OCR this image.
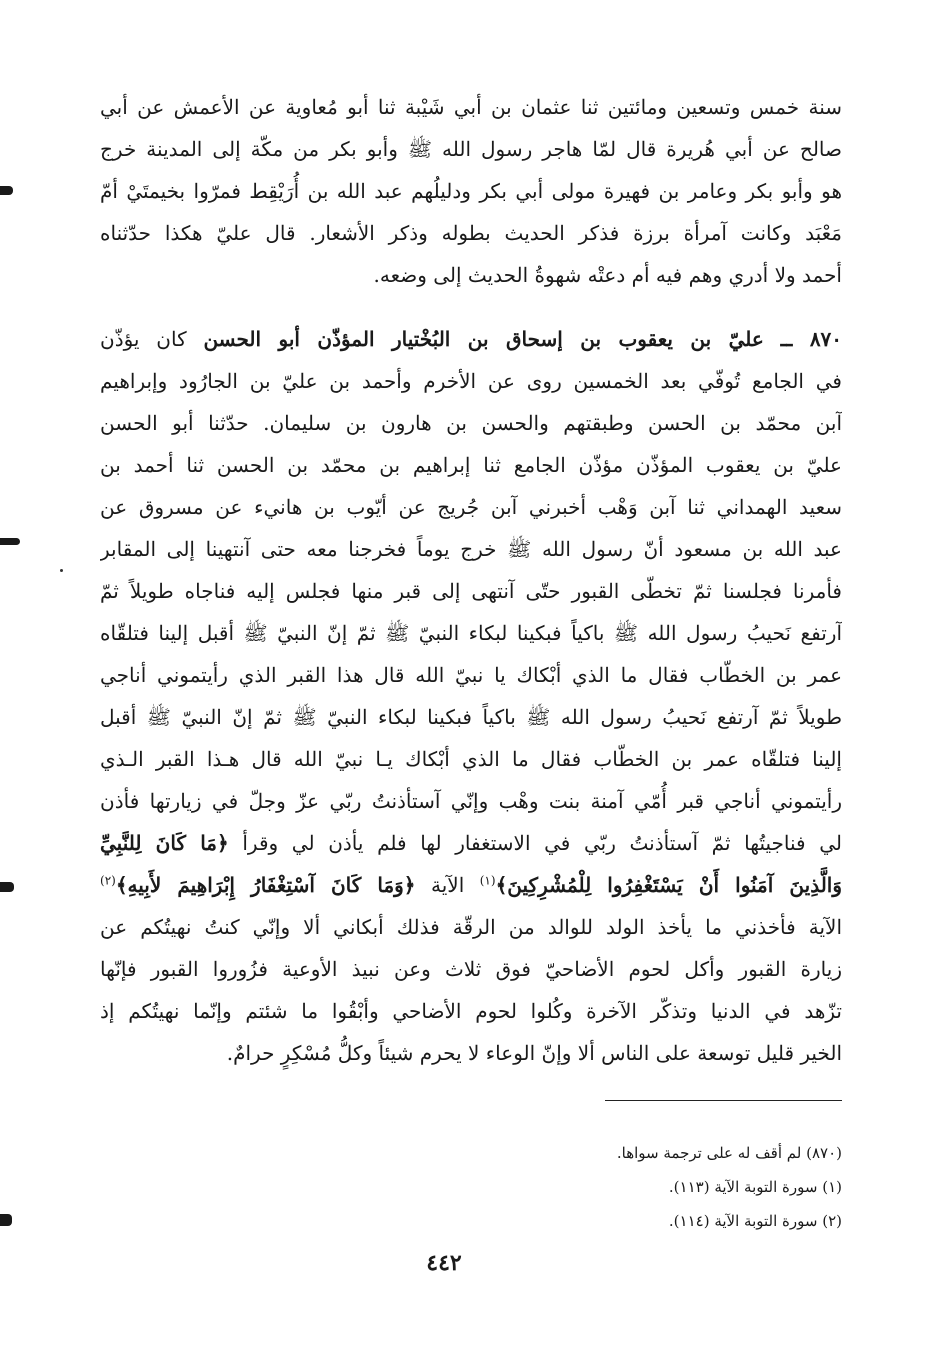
سنة خمس وتسعين ومائتين ثنا عثمان بن أبي شَيْبة ثنا أبو مُعاوية عن الأعمش عن أبي
صالح عن أبي هُريرة قال لمّا هاجر رسول الله ﷺ وأبو بكر من مكّة إلى المدينة خرج
هو وأبو بكر وعامر بن فهيرة مولى أبي بكر ودليلُهم عبد الله بن أُرَيْقِط فمرّوا بخيمتَيْ أمّ
مَعْبَد وكانت آمرأة برزة فذكر الحديث بطوله وذكر الأشعار. قال عليّ هكذا حدّثناه
أحمد ولا أدري وهم فيه أم دعتْه شهوةُ الحديث إلى وضعه.
٨٧٠ ــ عليّ بن يعقوب بن إسحاق بن البُخْتيار المؤذّن أبو الحسن كان يؤذّن
في الجامع تُوفّي بعد الخمسين روى عن الأخرم وأحمد بن عليّ بن الجارُود وإبراهيم
آبن محمّد بن الحسن وطبقتهم والحسن بن هارون بن سليمان. حدّثنا أبو الحسن
عليّ بن يعقوب المؤذّن مؤذّن الجامع ثنا إبراهيم بن محمّد بن الحسن ثنا أحمد بن
سعيد الهمداني ثنا آبن وَهْب أخبرني آبن جُريج عن أيّوب بن هانيء عن مسروق عن
عبد الله بن مسعود أنّ رسول الله ﷺ خرج يوماً فخرجنا معه حتى آنتهينا إلى المقابر
فأمرنا فجلسنا ثمّ تخطّى القبور حتّى آنتهى إلى قبر منها فجلس إليه فناجاه طويلاً ثمّ
آرتفع نَحيبُ رسول الله ﷺ باكياً فبكينا لبكاء النبيّ ﷺ ثمّ إنّ النبيّ ﷺ أقبل إلينا فتلقّاه
عمر بن الخطّاب فقال ما الذي أبْكاك يا نبيّ الله قال هذا القبر الذي رأيتموني أناجي
طويلاً ثمّ آرتفع نَحيبُ رسول الله ﷺ باكياً فبكينا لبكاء النبيّ ﷺ ثمّ إنّ النبيّ ﷺ أقبل
إلينا فتلقّاه عمر بن الخطّاب فقال ما الذي أبْكاك يـا نبيّ الله قال هـذا القبر الـذي
رأيتموني أناجي قبر أُمّي آمنة بنت وهْب وإنّي آستأذنتُ ربّي عزّ وجلّ في زيارتها فأذن
لي فناجيتُها ثمّ آستأذنتُ ربّي في الاستغفار لها فلم يأذن لي وقرأ ﴿مَا كَانَ لِلنَّبِيِّ
وَالَّذِينَ آمَنُوا أَنْ يَسْتَغْفِرُوا لِلْمُشْرِكِينَ﴾$^{(١)}$ الآية ﴿وَمَا كَانَ آسْتِغْفَارُ إِبْرَاهِيمَ لأَبِيهِ﴾$^{(٢)}$
الآية فأخذني ما يأخذ الولد للوالد من الرقّة فذلك أبكاني ألا وإنّي كنتُ نهيتُكم عن
زيارة القبور وأكل لحوم الأضاحيّ فوق ثلاث وعن نبيذ الأوعية فزُوروا القبور فإنّها
تزّهد في الدنيا وتذكّر الآخرة وكُلوا لحوم الأضاحي وأبْقُوا ما شئتم وإنّما نهيتُكم إذ
الخير قليل توسعة على الناس ألا وإنّ الوعاء لا يحرم شيئاً وكلُّ مُسْكِرٍ حرامٌ.
(٨٧٠) لم أقف له على ترجمة سواها.
(١) سورة التوبة الآية (١١٣).
(٢) سورة التوبة الآية (١١٤).
٤٤٢
